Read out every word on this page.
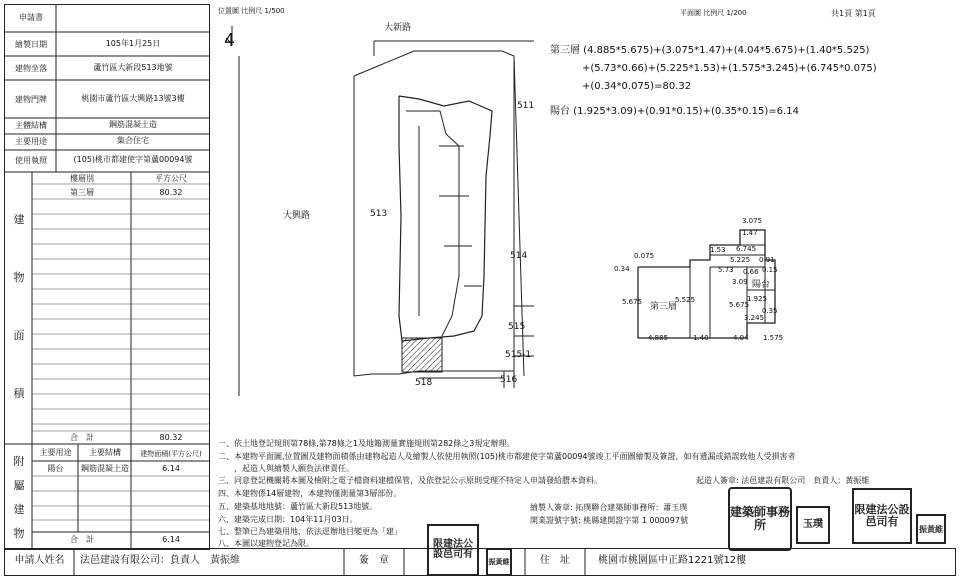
申請書
繪製日期	105年1月25日
建物坐落	蘆竹區大新段513地號
建物門牌	桃園市蘆竹區大興路13號3樓
主體結構	鋼筋混凝土造
主要用途	集合住宅
使用執照	(105)桃市都建使字第蘆00094號
建
物
面
積
樓層別	平方公尺
第三層	80.32
合　計	80.32
附
屬
建
物
主要用途	主要結構	建物面積(平方公尺)
陽台	鋼筋混凝土造	6.14
合　計	6.14
位置圖 比例尺 1/500	平面圖 比例尺 1/200	共1頁 第1頁
4
大新路
大興路
511
513
514
515
515-1
516
518
第三層 (4.885*5.675)+(3.075*1.47)+(4.04*5.675)+(1.40*5.525)
+(5.73*0.66)+(5.225*1.53)+(1.575*3.245)+(6.745*0.075)
+(0.34*0.075)=80.32
陽台 (1.925*3.09)+(0.91*0.15)+(0.35*0.15)=6.14
第三層
陽台
3.075
1.47
6.745
1.53
5.225
0.075
0.34	5.73 0.66
0.91
0.15
1.925
0.35
3.09
3.245
5.675	5.525
5.675
4.885	1.40	4.04 1.575
一、依土地登記規則第78條,第78條之1及地籍測量實施規則第282條之3規定辦理。
二、本建物平面圖,位置圖及建物面積係由建物起造人及繪製人依使用執照(105)桃市都建使字第蘆00094號竣工平面圖繪製及簽證，如有遺漏或錯誤致他人受損害者
　　，起造人與繪製人願負法律責任。
三、同意登記機關將本圖及檢附之電子檔資料建檔保管，及依登記公示原則受理不特定人申請發給謄本資料。
四、本建物係14層建物，本建物僅測量第3層部份。
五、建築基地地號：蘆竹區大新段513地號。
六、建築完成日期：104年11月03日。
七、整筆已為建築用地，依法逕辦地目變更為「建」
八、本圖以建物登記為限。
起造人簽章: 法邑建設有限公司　負責人：黃振維
繪製人簽章: 拓璞聯合建築師事務所：蕭玉璞
開業證號字號: 桃縣建開證字第 1 000097號
建築師事務所	玉璞
限建法公設邑司有
振黃維
限建法公設邑司有
振黃維
申請人姓名	法邑建設有限公司：負責人　黃振維	簽　章	住　址	桃園市桃園區中正路1221號12樓
